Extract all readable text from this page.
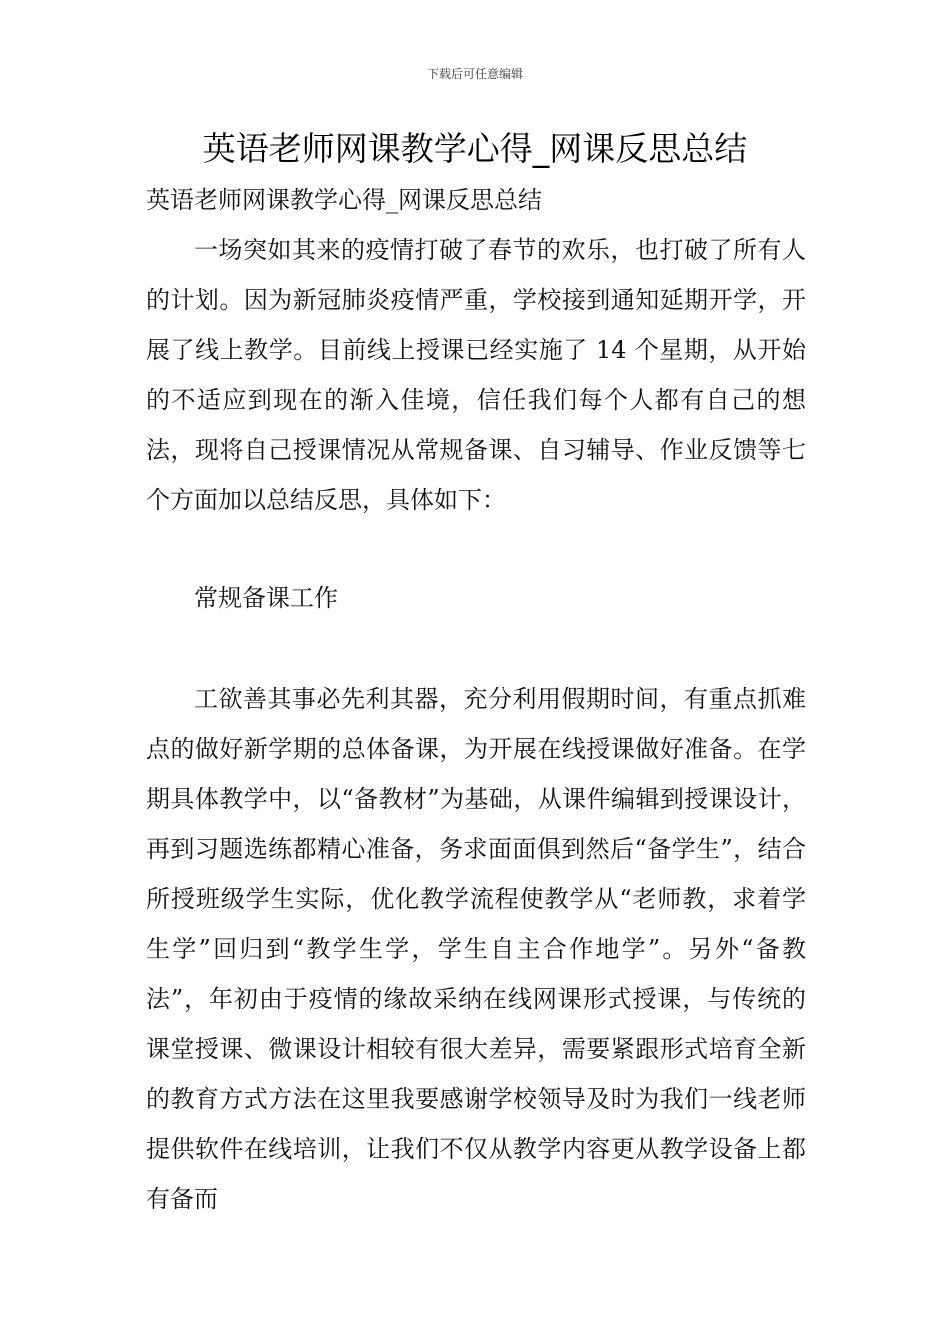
下载后可任意编辑
英语老师网课教学心得_网课反思总结

英语老师网课教学心得_网课反思总结

一场突如其来的疫情打破了春节的欢乐，也打破了所有人的计划。因为新冠肺炎疫情严重，学校接到通知延期开学，开展了线上教学。目前线上授课已经实施了 14 个星期，从开始的不适应到现在的渐入佳境，信任我们每个人都有自己的想法，现将自己授课情况从常规备课、自习辅导、作业反馈等七个方面加以总结反思，具体如下：

常规备课工作

工欲善其事必先利其器，充分利用假期时间，有重点抓难点的做好新学期的总体备课，为开展在线授课做好准备。在学期具体教学中，以“备教材”为基础，从课件编辑到授课设计，再到习题选练都精心准备，务求面面俱到然后“备学生”，结合所授班级学生实际，优化教学流程使教学从“老师教，求着学生学”回归到“教学生学，学生自主合作地学”。另外“备教法”，年初由于疫情的缘故采纳在线网课形式授课，与传统的课堂授课、微课设计相较有很大差异，需要紧跟形式培育全新的教育方式方法在这里我要感谢学校领导及时为我们一线老师提供软件在线培训，让我们不仅从教学内容更从教学设备上都有备而
